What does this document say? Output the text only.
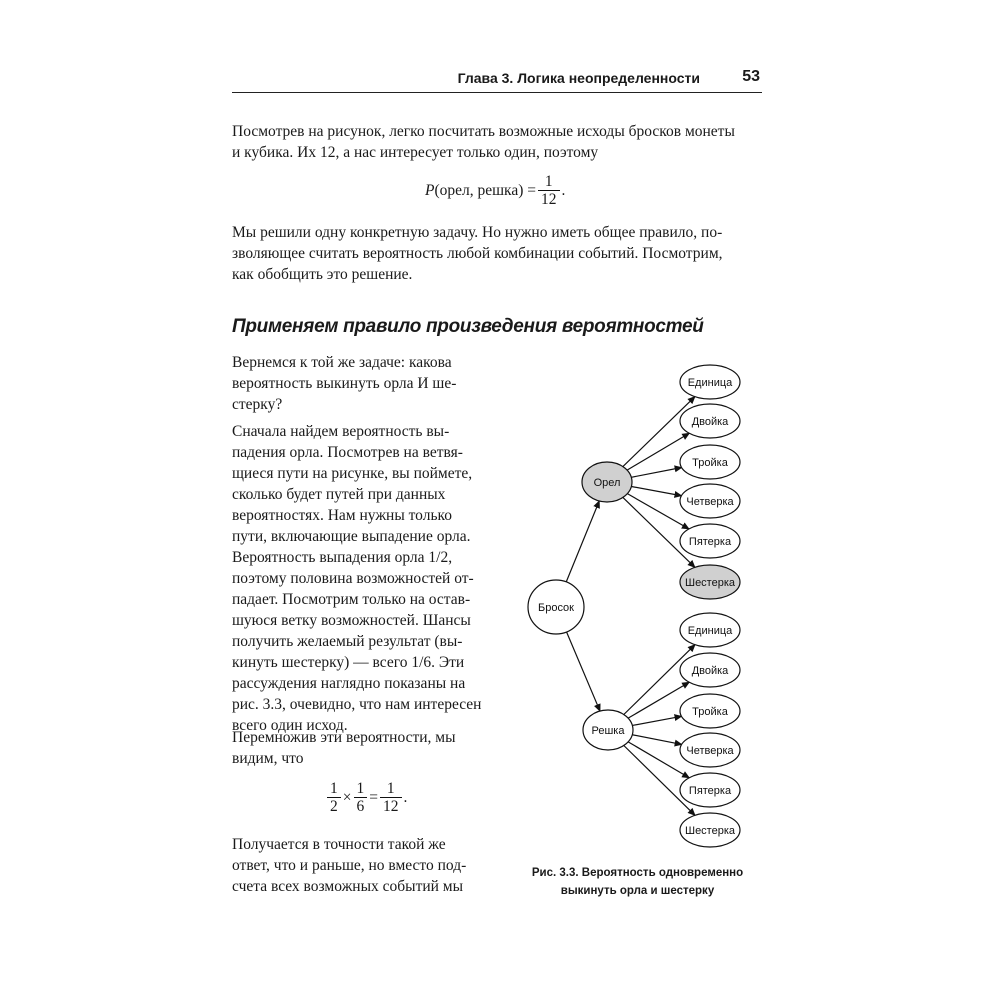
Глава 3. Логика неопределенности	53

Посмотрев на рисунок, легко посчитать возможные исходы бросков монеты
и кубика. Их 12, а нас интересует только один, поэтому

P (орел, решка) = $\frac{1}{12}$ .

Мы решили одну конкретную задачу. Но нужно иметь общее правило, по-
зволяющее считать вероятность любой комбинации событий. Посмотрим,
как обобщить это решение.

Применяем правило произведения вероятностей

Вернемся к той же задаче: какова
вероятность выкинуть орла И ше-
стерку?

Сначала найдем вероятность вы-
падения орла. Посмотрев на ветвя-
щиеся пути на рисунке, вы поймете,
сколько будет путей при данных
вероятностях. Нам нужны только
пути, включающие выпадение орла.
Вероятность выпадения орла 1/2,
поэтому половина возможностей от-
падает. Посмотрим только на остав-
шуюся ветку возможностей. Шансы
получить желаемый результат (вы-
кинуть шестерку) — всего 1/6. Эти
рассуждения наглядно показаны на
рис. 3.3, очевидно, что нам интересен
всего один исход.

Перемножив эти вероятности, мы
видим, что

$\frac{1}{2} \times \frac{1}{6} = \frac{1}{12}$ .

Получается в точности такой же
ответ, что и раньше, но вместо под-
счета всех возможных событий мы

Бросок
Орел
Единица
Двойка
Тройка
Четверка
Пятерка
Шестерка
Решка
Единица
Двойка
Тройка
Четверка
Пятерка
Шестерка

Рис. 3.3. Вероятность одновременно
выкинуть орла и шестерку
